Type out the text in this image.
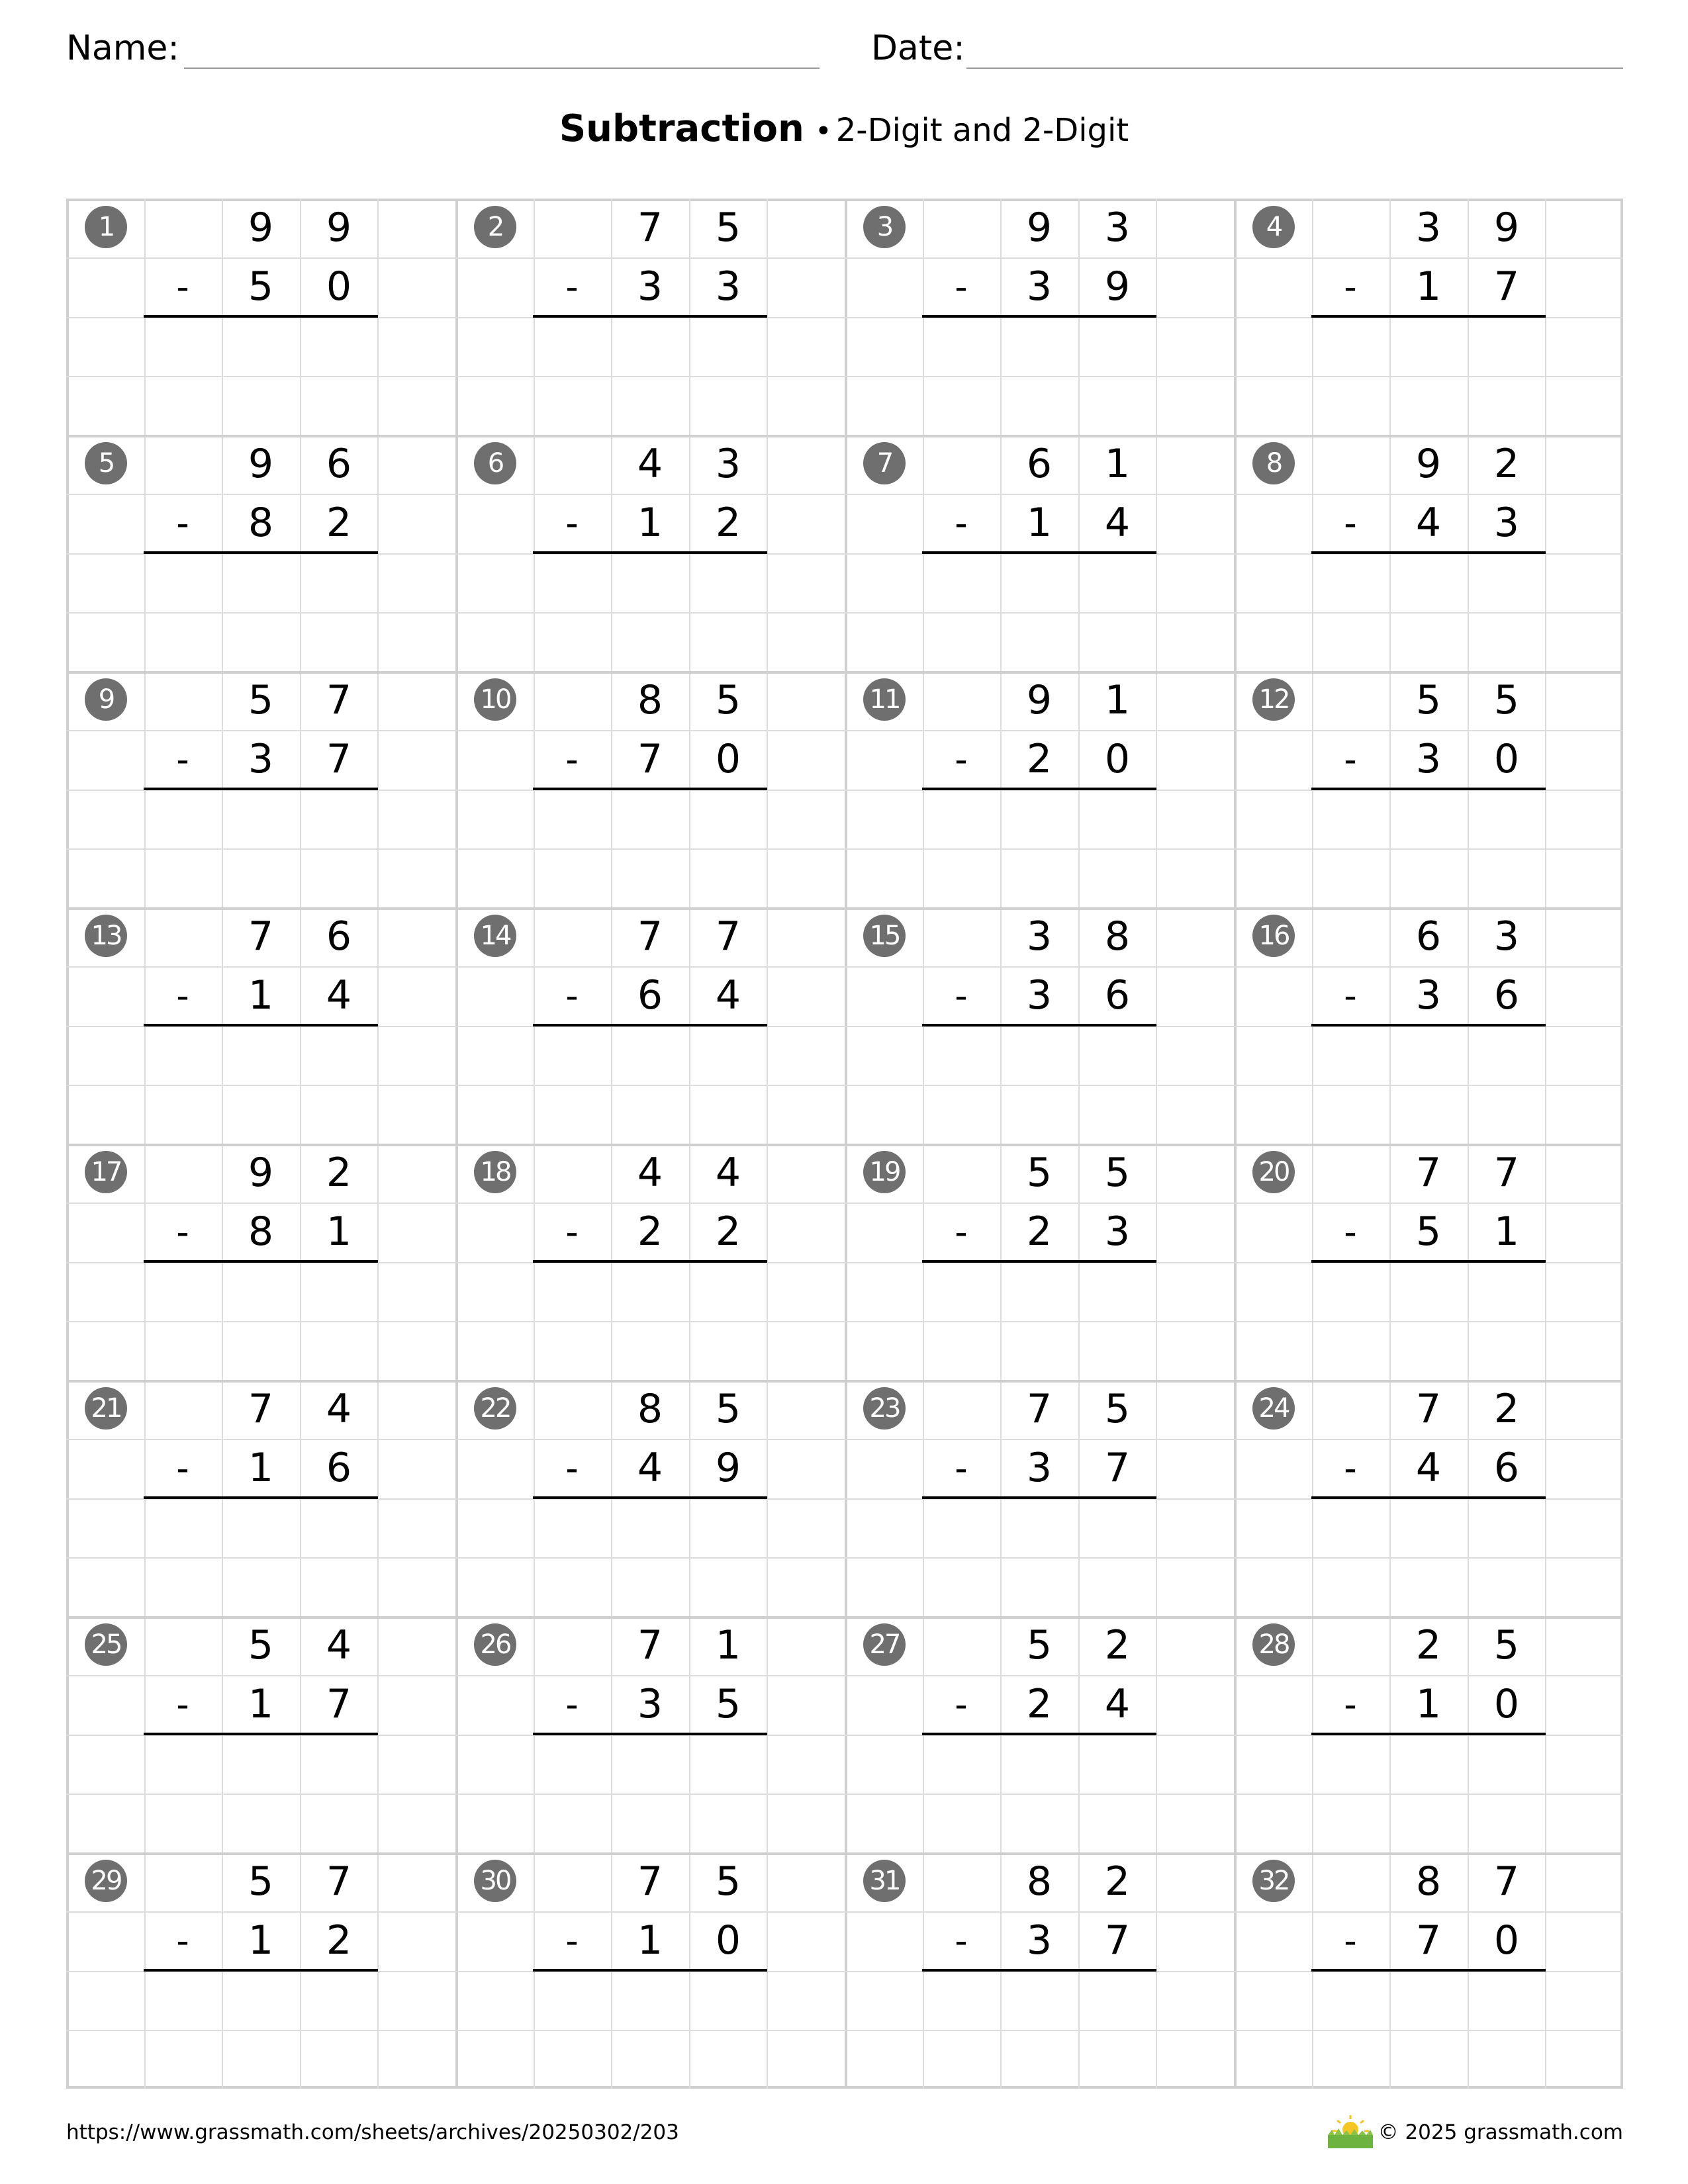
Name:	Date:
Subtraction • 2-Digit and 2-Digit
1	9	9
-	5	0
2	7	5
-	3	3
3	9	3
-	3	9
4	3	9
-	1	7
5	9	6
-	8	2
6	4	3
-	1	2
7	6	1
-	1	4
8	9	2
-	4	3
9	5	7
-	3	7
10	8	5
-	7	0
11	9	1
-	2	0
12	5	5
-	3	0
13	7	6
-	1	4
14	7	7
-	6	4
15	3	8
-	3	6
16	6	3
-	3	6
17	9	2
-	8	1
18	4	4
-	2	2
19	5	5
-	2	3
20	7	7
-	5	1
21	7	4
-	1	6
22	8	5
-	4	9
23	7	5
-	3	7
24	7	2
-	4	6
25	5	4
-	1	7
26	7	1
-	3	5
27	5	2
-	2	4
28	2	5
-	1	0
29	5	7
-	1	2
30	7	5
-	1	0
31	8	2
-	3	7
32	8	7
-	7	0
https://www.grassmath.com/sheets/archives/20250302/203	© 2025 grassmath.com
